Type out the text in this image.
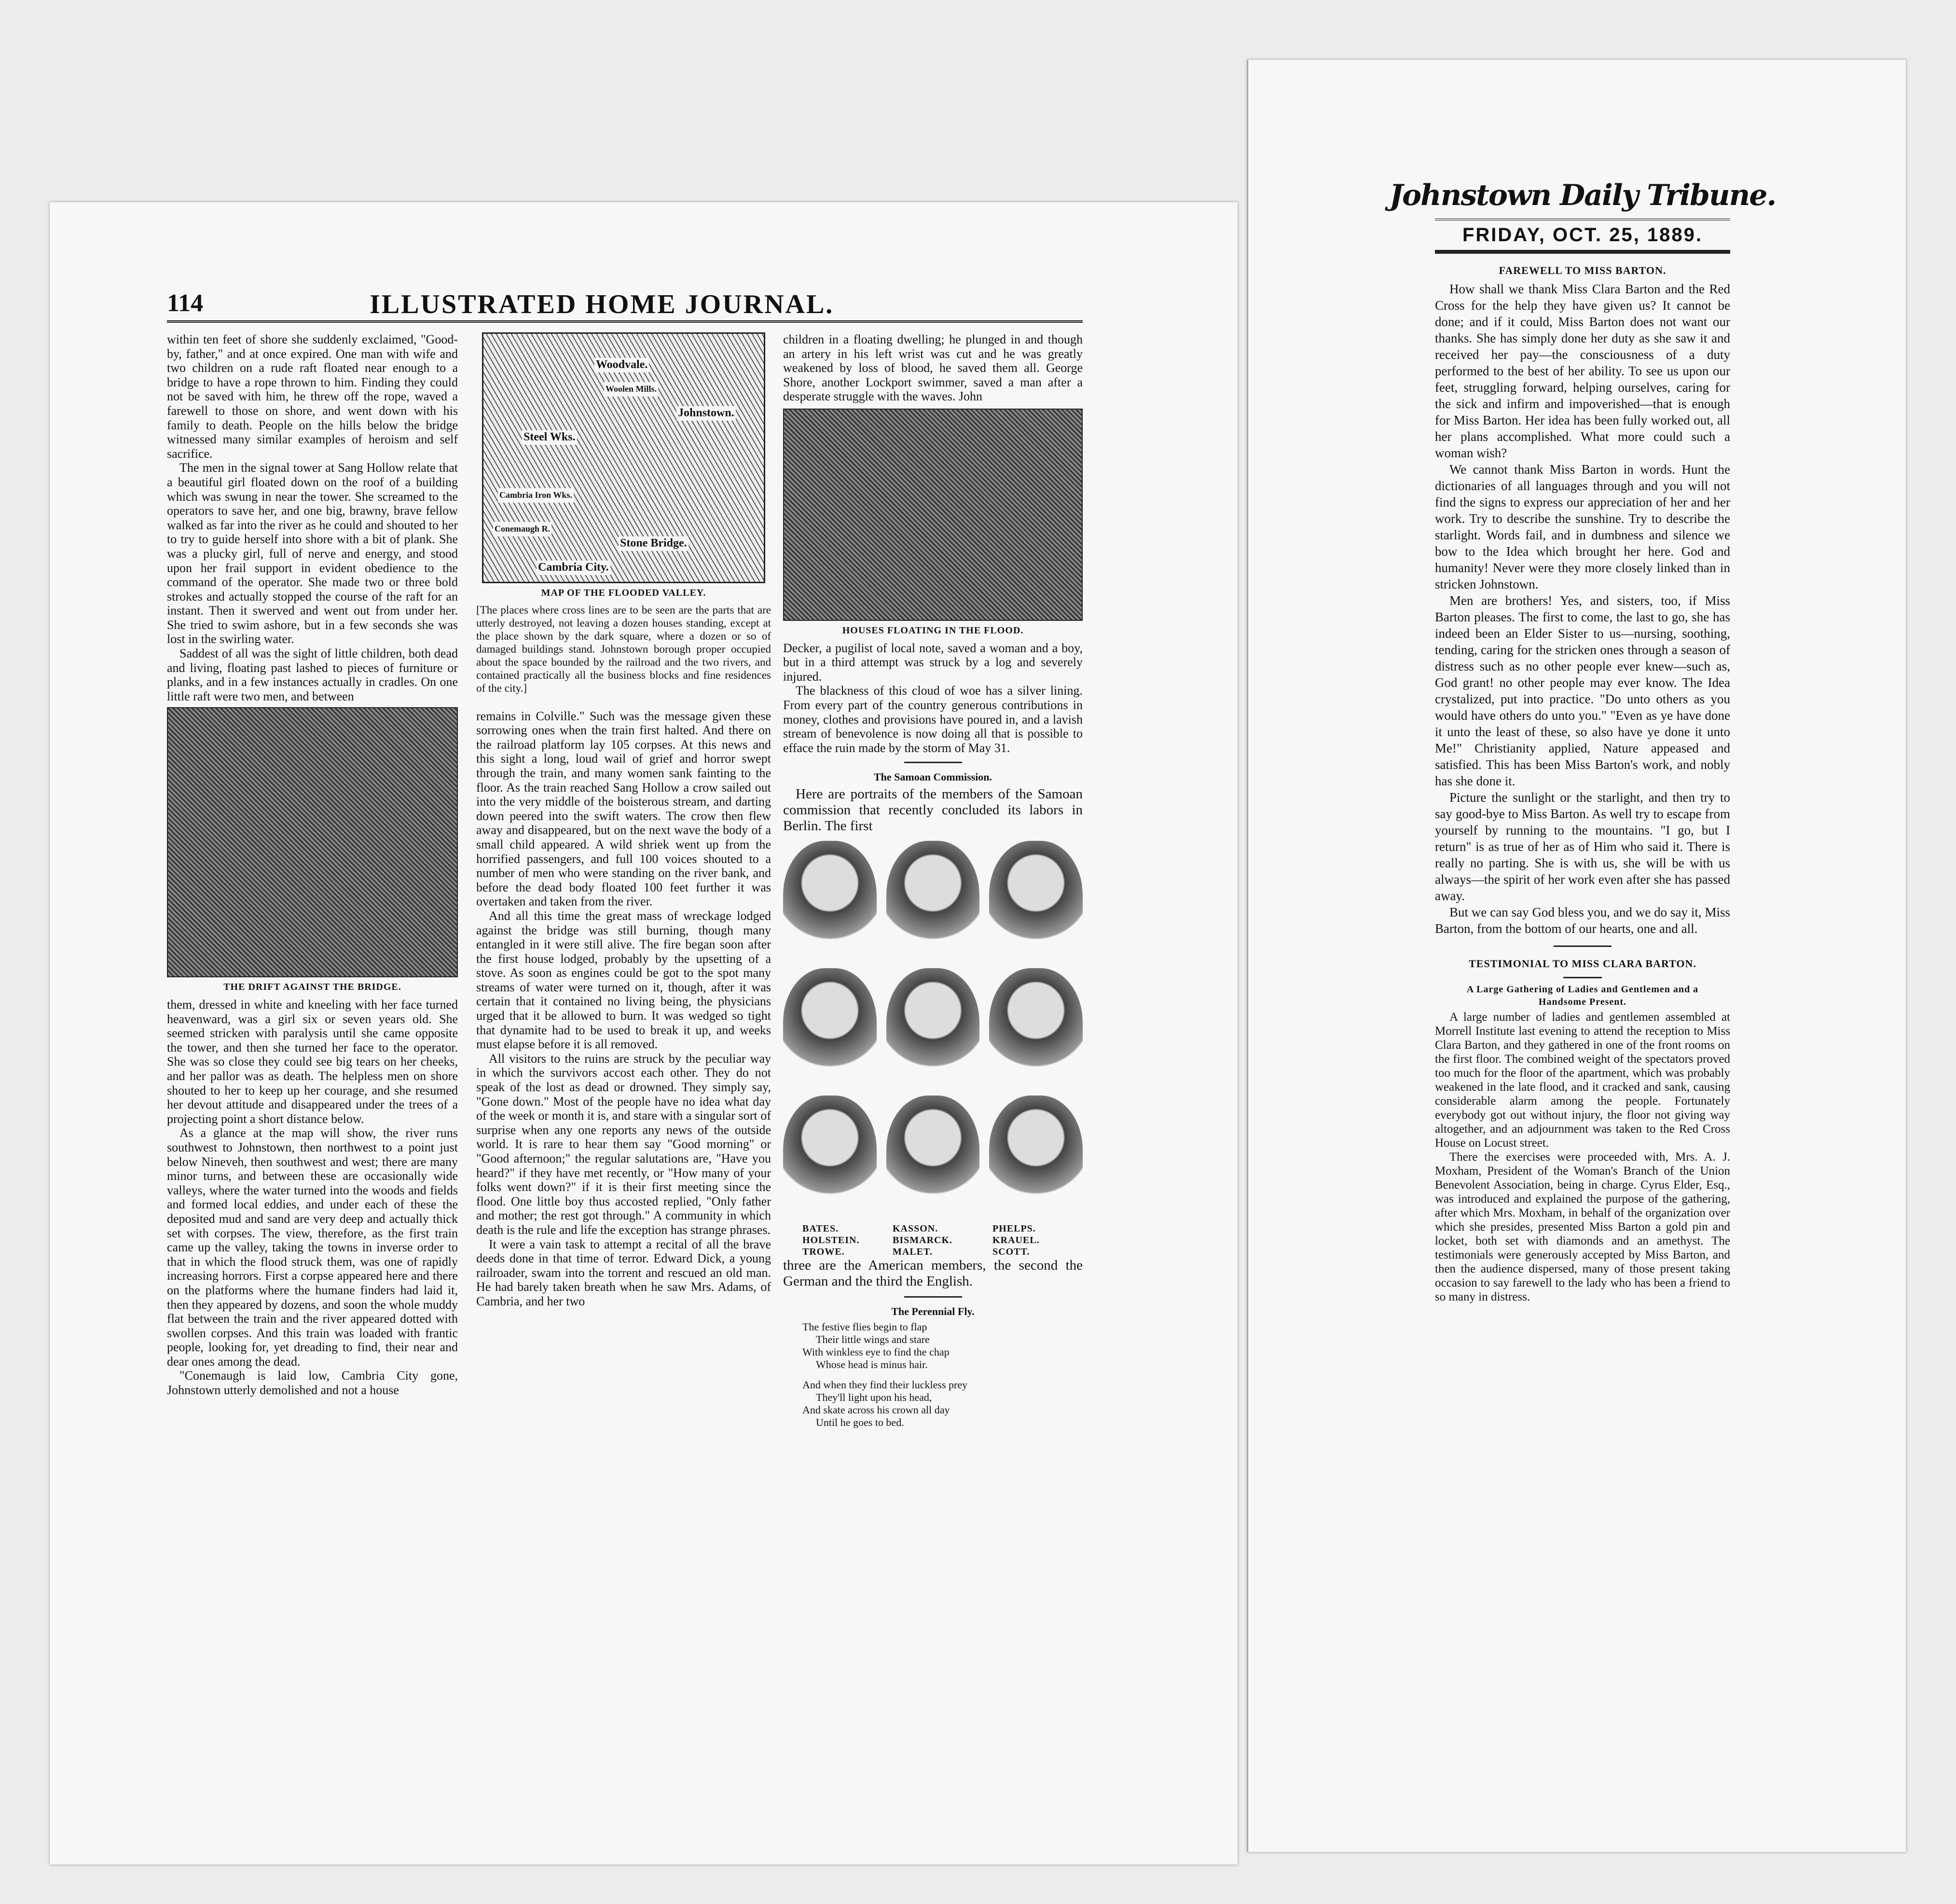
114	ILLUSTRATED HOME JOURNAL.

within ten feet of shore she suddenly exclaimed, "Good-by, father," and at once expired. One man with wife and two children on a rude raft floated near enough to a bridge to have a rope thrown to him. Finding they could not be saved with him, he threw off the rope, waved a farewell to those on shore, and went down with his family to death. People on the hills below the bridge witnessed many similar examples of heroism and self sacrifice.

The men in the signal tower at Sang Hollow relate that a beautiful girl floated down on the roof of a building which was swung in near the tower. She screamed to the operators to save her, and one big, brawny, brave fellow walked as far into the river as he could and shouted to her to try to guide herself into shore with a bit of plank. She was a plucky girl, full of nerve and energy, and stood upon her frail support in evident obedience to the command of the operator. She made two or three bold strokes and actually stopped the course of the raft for an instant. Then it swerved and went out from under her. She tried to swim ashore, but in a few seconds she was lost in the swirling water.

Saddest of all was the sight of little children, both dead and living, floating past lashed to pieces of furniture or planks, and in a few instances actually in cradles. On one little raft were two men, and between

THE DRIFT AGAINST THE BRIDGE.

them, dressed in white and kneeling with her face turned heavenward, was a girl six or seven years old. She seemed stricken with paralysis until she came opposite the tower, and then she turned her face to the operator. She was so close they could see big tears on her cheeks, and her pallor was as death. The helpless men on shore shouted to her to keep up her courage, and she resumed her devout attitude and disappeared under the trees of a projecting point a short distance below.

As a glance at the map will show, the river runs southwest to Johnstown, then northwest to a point just below Nineveh, then southwest and west; there are many minor turns, and between these are occasionally wide valleys, where the water turned into the woods and fields and formed local eddies, and under each of these the deposited mud and sand are very deep and actually thick set with corpses. The view, therefore, as the first train came up the valley, taking the towns in inverse order to that in which the flood struck them, was one of rapidly increasing horrors. First a corpse appeared here and there on the platforms where the humane finders had laid it, then they appeared by dozens, and soon the whole muddy flat between the train and the river appeared dotted with swollen corpses. And this train was loaded with frantic people, looking for, yet dreading to find, their near and dear ones among the dead.

"Conemaugh is laid low, Cambria City gone, Johnstown utterly demolished and not a house

Woodvale.
Woolen Mills.
Johnstown.
Steel Wks.
Cambria Iron Wks.
Conemaugh R.
Stone Bridge.
Cambria City.
MAP OF THE FLOODED VALLEY.

[The places where cross lines are to be seen are the parts that are utterly destroyed, not leaving a dozen houses standing, except at the place shown by the dark square, where a dozen or so of damaged buildings stand. Johnstown borough proper occupied about the space bounded by the railroad and the two rivers, and contained practically all the business blocks and fine residences of the city.]

remains in Colville." Such was the message given these sorrowing ones when the train first halted. And there on the railroad platform lay 105 corpses. At this news and this sight a long, loud wail of grief and horror swept through the train, and many women sank fainting to the floor. As the train reached Sang Hollow a crow sailed out into the very middle of the boisterous stream, and darting down peered into the swift waters. The crow then flew away and disappeared, but on the next wave the body of a small child appeared. A wild shriek went up from the horrified passengers, and full 100 voices shouted to a number of men who were standing on the river bank, and before the dead body floated 100 feet further it was overtaken and taken from the river.

And all this time the great mass of wreckage lodged against the bridge was still burning, though many entangled in it were still alive. The fire began soon after the first house lodged, probably by the upsetting of a stove. As soon as engines could be got to the spot many streams of water were turned on it, though, after it was certain that it contained no living being, the physicians urged that it be allowed to burn. It was wedged so tight that dynamite had to be used to break it up, and weeks must elapse before it is all removed.

All visitors to the ruins are struck by the peculiar way in which the survivors accost each other. They do not speak of the lost as dead or drowned. They simply say, "Gone down." Most of the people have no idea what day of the week or month it is, and stare with a singular sort of surprise when any one reports any news of the outside world. It is rare to hear them say "Good morning" or "Good afternoon;" the regular salutations are, "Have you heard?" if they have met recently, or "How many of your folks went down?" if it is their first meeting since the flood. One little boy thus accosted replied, "Only father and mother; the rest got through." A community in which death is the rule and life the exception has strange phrases.

It were a vain task to attempt a recital of all the brave deeds done in that time of terror. Edward Dick, a young railroader, swam into the torrent and rescued an old man. He had barely taken breath when he saw Mrs. Adams, of Cambria, and her two

children in a floating dwelling; he plunged in and though an artery in his left wrist was cut and he was greatly weakened by loss of blood, he saved them all. George Shore, another Lockport swimmer, saved a man after a desperate struggle with the waves. John

HOUSES FLOATING IN THE FLOOD.

Decker, a pugilist of local note, saved a woman and a boy, but in a third attempt was struck by a log and severely injured.

The blackness of this cloud of woe has a silver lining. From every part of the country generous contributions in money, clothes and provisions have poured in, and a lavish stream of benevolence is now doing all that is possible to efface the ruin made by the storm of May 31.

The Samoan Commission.

Here are portraits of the members of the Samoan commission that recently concluded its labors in Berlin. The first

BATES.	KASSON.	PHELPS.
HOLSTEIN.	BISMARCK.	KRAUEL.
TROWE.	MALET.	SCOTT.

three are the American members, the second the German and the third the English.

The Perennial Fly.
The festive flies begin to flap
Their little wings and stare
With winkless eye to find the chap
Whose head is minus hair.
And when they find their luckless prey
They'll light upon his head,
And skate across his crown all day
Until he goes to bed.
Johnstown Daily Tribune.
FRIDAY, OCT. 25, 1889.
FAREWELL TO MISS BARTON.

How shall we thank Miss Clara Barton and the Red Cross for the help they have given us? It cannot be done; and if it could, Miss Barton does not want our thanks. She has simply done her duty as she saw it and received her pay—the consciousness of a duty performed to the best of her ability. To see us upon our feet, struggling forward, helping ourselves, caring for the sick and infirm and impoverished—that is enough for Miss Barton. Her idea has been fully worked out, all her plans accomplished. What more could such a woman wish?

We cannot thank Miss Barton in words. Hunt the dictionaries of all languages through and you will not find the signs to express our appreciation of her and her work. Try to describe the sunshine. Try to describe the starlight. Words fail, and in dumbness and silence we bow to the Idea which brought her here. God and humanity! Never were they more closely linked than in stricken Johnstown.

Men are brothers! Yes, and sisters, too, if Miss Barton pleases. The first to come, the last to go, she has indeed been an Elder Sister to us—nursing, soothing, tending, caring for the stricken ones through a season of distress such as no other people ever knew—such as, God grant! no other people may ever know. The Idea crystalized, put into practice. "Do unto others as you would have others do unto you." "Even as ye have done it unto the least of these, so also have ye done it unto Me!" Christianity applied, Nature appeased and satisfied. This has been Miss Barton's work, and nobly has she done it.

Picture the sunlight or the starlight, and then try to say good-bye to Miss Barton. As well try to escape from yourself by running to the mountains. "I go, but I return" is as true of her as of Him who said it. There is really no parting. She is with us, she will be with us always—the spirit of her work even after she has passed away.

But we can say God bless you, and we do say it, Miss Barton, from the bottom of our hearts, one and all.

TESTIMONIAL TO MISS CLARA BARTON.
A Large Gathering of Ladies and Gentlemen and a Handsome Present.

A large number of ladies and gentlemen assembled at Morrell Institute last evening to attend the reception to Miss Clara Barton, and they gathered in one of the front rooms on the first floor. The combined weight of the spectators proved too much for the floor of the apartment, which was probably weakened in the late flood, and it cracked and sank, causing considerable alarm among the people. Fortunately everybody got out without injury, the floor not giving way altogether, and an adjournment was taken to the Red Cross House on Locust street.

There the exercises were proceeded with, Mrs. A. J. Moxham, President of the Woman's Branch of the Union Benevolent Association, being in charge. Cyrus Elder, Esq., was introduced and explained the purpose of the gathering, after which Mrs. Moxham, in behalf of the organization over which she presides, presented Miss Barton a gold pin and locket, both set with diamonds and an amethyst. The testimonials were generously accepted by Miss Barton, and then the audience dispersed, many of those present taking occasion to say farewell to the lady who has been a friend to so many in distress.
